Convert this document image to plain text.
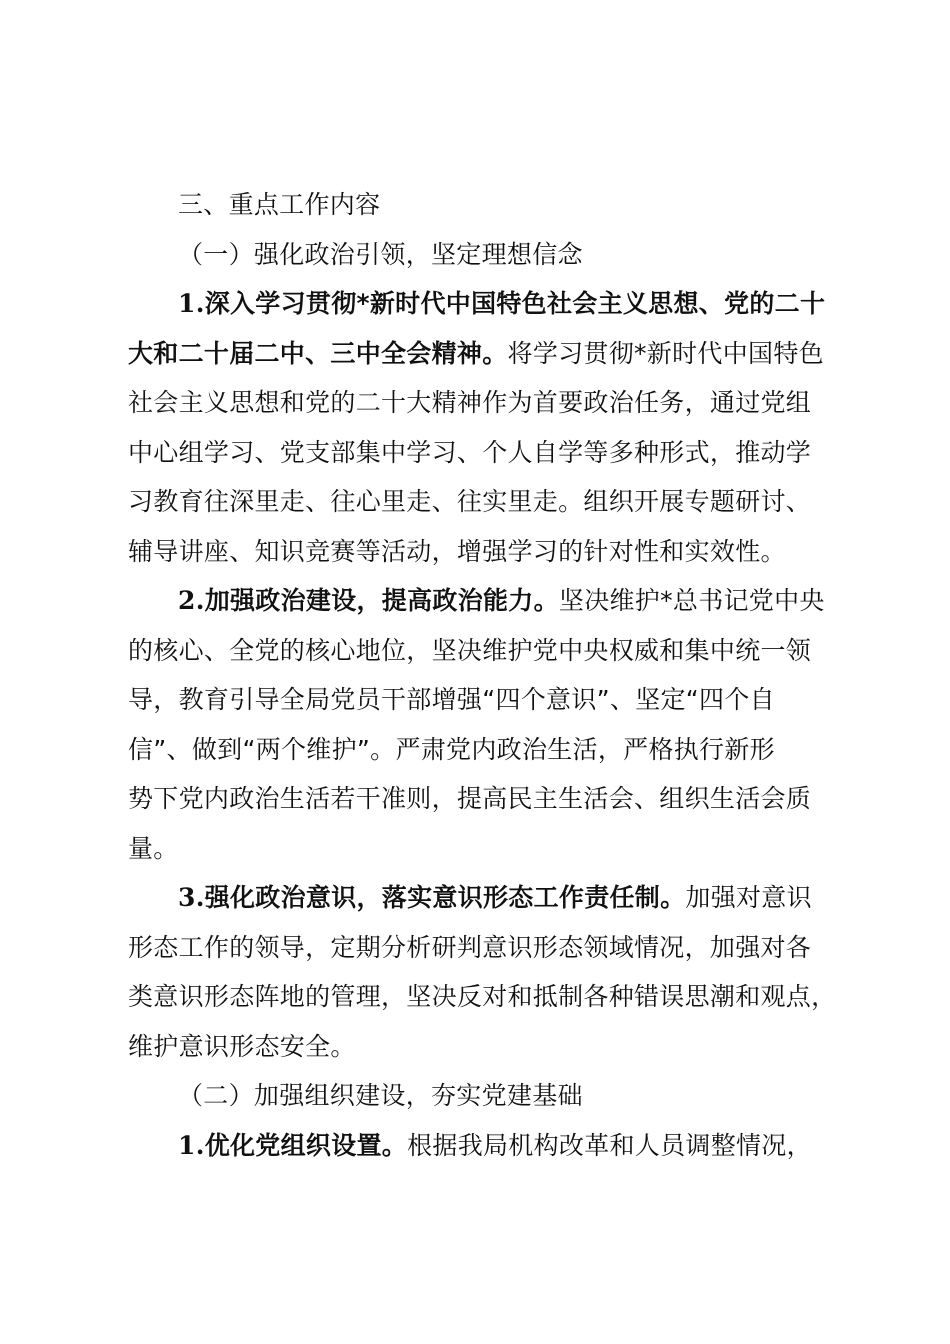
三、重点工作内容
（一）强化政治引领，坚定理想信念
1.深入学习贯彻*新时代中国特色社会主义思想、党的二十
大和二十届二中、三中全会精神。将学习贯彻*新时代中国特色
社会主义思想和党的二十大精神作为首要政治任务，通过党组
中心组学习、党支部集中学习、个人自学等多种形式，推动学
习教育往深里走、往心里走、往实里走。组织开展专题研讨、
辅导讲座、知识竞赛等活动，增强学习的针对性和实效性。
2.加强政治建设，提高政治能力。坚决维护*总书记党中央
的核心、全党的核心地位，坚决维护党中央权威和集中统一领
导，教育引导全局党员干部增强“四个意识”、坚定“四个自
信”、做到“两个维护”。严肃党内政治生活，严格执行新形
势下党内政治生活若干准则，提高民主生活会、组织生活会质
量。
3.强化政治意识，落实意识形态工作责任制。加强对意识
形态工作的领导，定期分析研判意识形态领域情况，加强对各
类意识形态阵地的管理，坚决反对和抵制各种错误思潮和观点，
维护意识形态安全。
（二）加强组织建设，夯实党建基础
1.优化党组织设置。根据我局机构改革和人员调整情况，
